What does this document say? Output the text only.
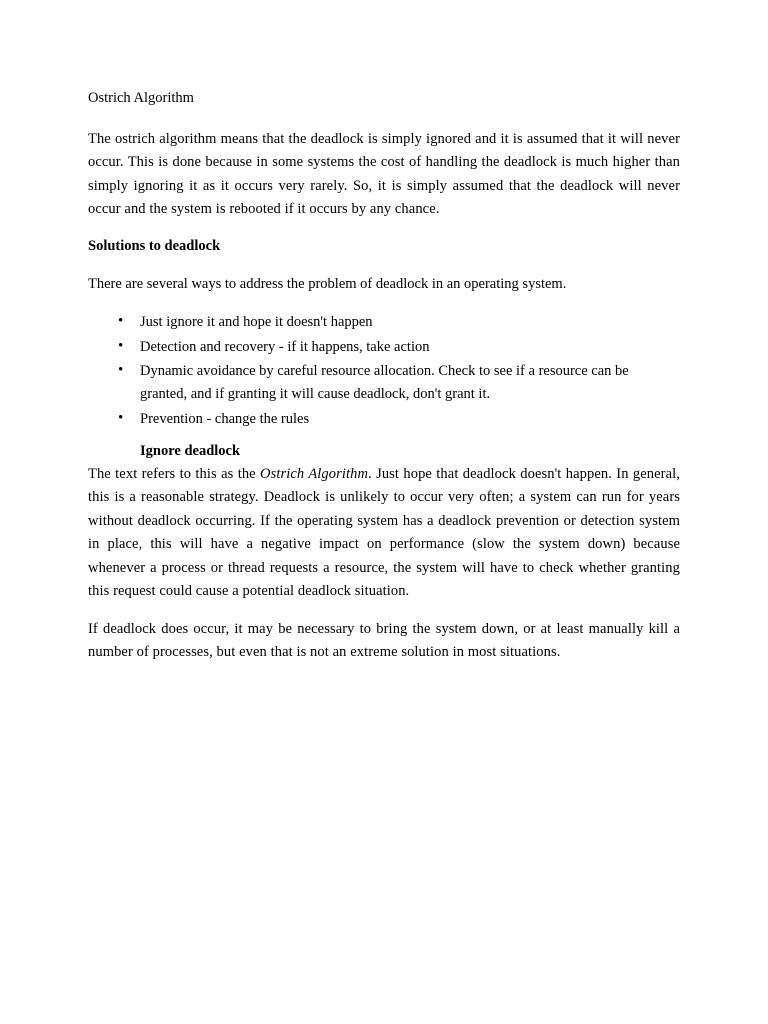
Ostrich Algorithm

The ostrich algorithm means that the deadlock is simply ignored and it is assumed that it will never occur. This is done because in some systems the cost of handling the deadlock is much higher than simply ignoring it as it occurs very rarely. So, it is simply assumed that the deadlock will never occur and the system is rebooted if it occurs by any chance.

Solutions to deadlock

There are several ways to address the problem of deadlock in an operating system.

• Just ignore it and hope it doesn't happen
• Detection and recovery - if it happens, take action
• Dynamic avoidance by careful resource allocation. Check to see if a resource can be granted, and if granting it will cause deadlock, don't grant it.
• Prevention - change the rules
Ignore deadlock

The text refers to this as the Ostrich Algorithm. Just hope that deadlock doesn't happen. In general, this is a reasonable strategy. Deadlock is unlikely to occur very often; a system can run for years without deadlock occurring. If the operating system has a deadlock prevention or detection system in place, this will have a negative impact on performance (slow the system down) because whenever a process or thread requests a resource, the system will have to check whether granting this request could cause a potential deadlock situation.

If deadlock does occur, it may be necessary to bring the system down, or at least manually kill a number of processes, but even that is not an extreme solution in most situations.
